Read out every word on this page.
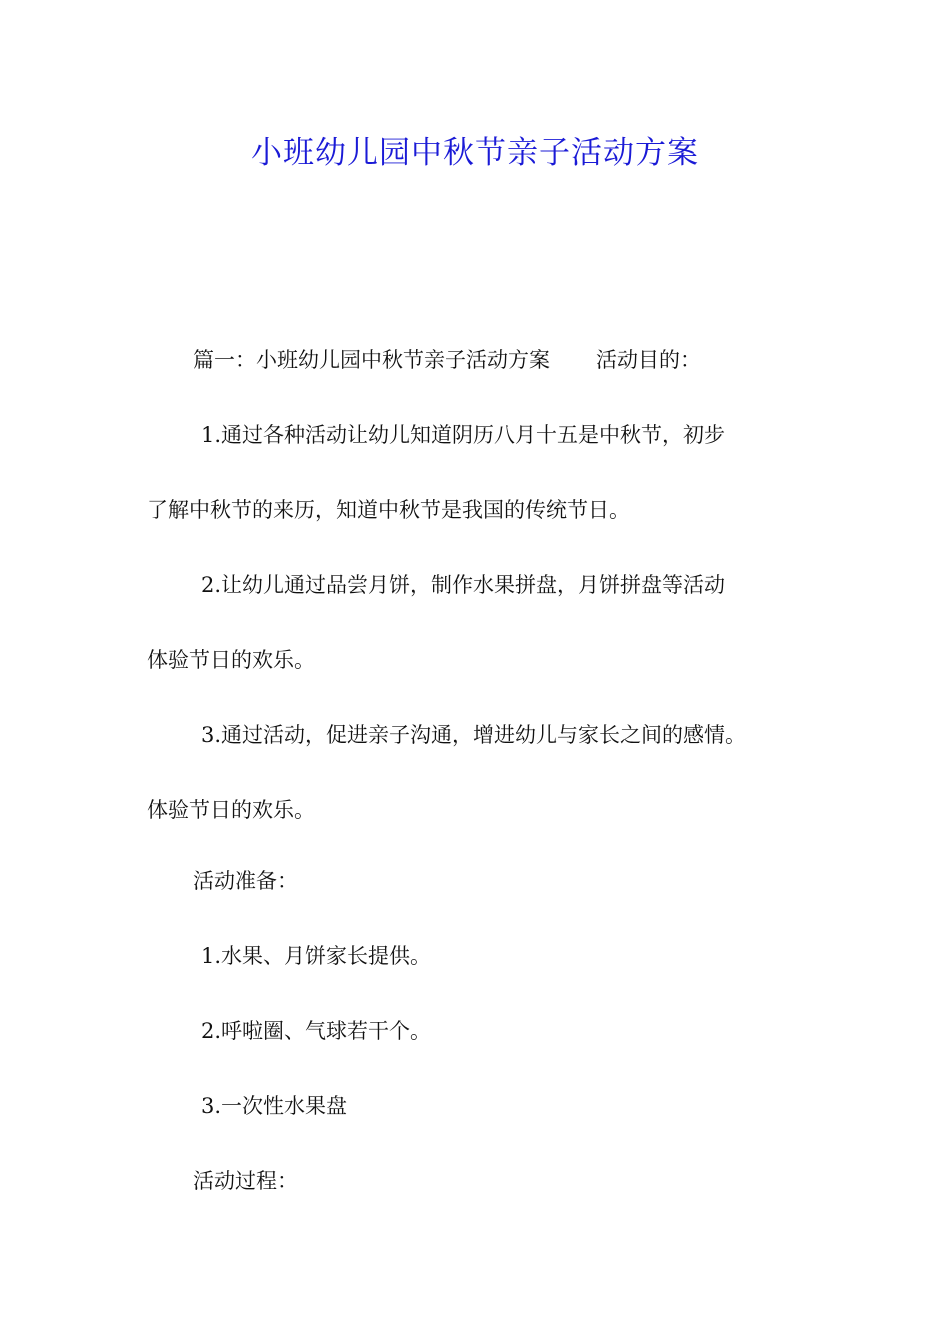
小班幼儿园中秋节亲子活动方案

篇一：小班幼儿园中秋节亲子活动方案 活动目的：

1.通过各种活动让幼儿知道阴历八月十五是中秋节，初步

了解中秋节的来历，知道中秋节是我国的传统节日。

2.让幼儿通过品尝月饼，制作水果拼盘，月饼拼盘等活动

体验节日的欢乐。

3.通过活动，促进亲子沟通，增进幼儿与家长之间的感情。

体验节日的欢乐。

活动准备：

1.水果、月饼家长提供。

2.呼啦圈、气球若干个。

3.一次性水果盘

活动过程：
